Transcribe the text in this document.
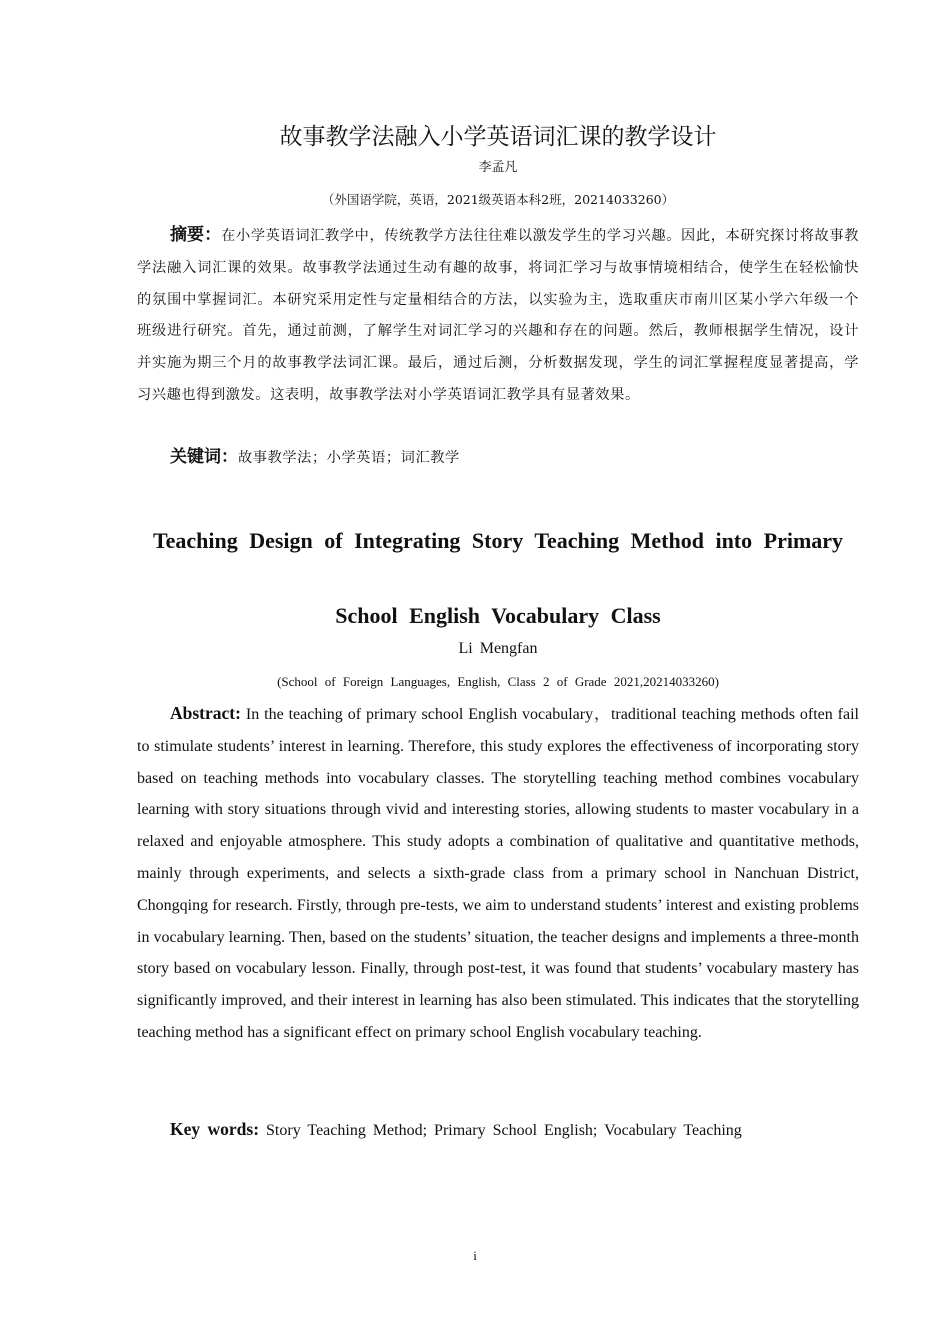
故事教学法融入小学英语词汇课的教学设计
李孟凡
（外国语学院，英语，2021级英语本科2班，20214033260）

摘要：在小学英语词汇教学中，传统教学方法往往难以激发学生的学习兴趣。因此，本研究探讨将故事教学法融入词汇课的效果。故事教学法通过生动有趣的故事，将词汇学习与故事情境相结合，使学生在轻松愉快的氛围中掌握词汇。本研究采用定性与定量相结合的方法，以实验为主，选取重庆市南川区某小学六年级一个班级进行研究。首先，通过前测，了解学生对词汇学习的兴趣和存在的问题。然后，教师根据学生情况，设计并实施为期三个月的故事教学法词汇课。最后，通过后测，分析数据发现，学生的词汇掌握程度显著提高，学习兴趣也得到激发。这表明，故事教学法对小学英语词汇教学具有显著效果。

关键词：故事教学法；小学英语；词汇教学
Teaching Design of Integrating Story Teaching Method into Primary School English Vocabulary Class
Li Mengfan
(School of Foreign Languages, English, Class 2 of Grade 2021,20214033260)

Abstract: In the teaching of primary school English vocabulary，traditional teaching methods often fail to stimulate students’ interest in learning. Therefore, this study explores the effectiveness of incorporating story based on teaching methods into vocabulary classes. The storytelling teaching method combines vocabulary learning with story situations through vivid and interesting stories, allowing students to master vocabulary in a relaxed and enjoyable atmosphere. This study adopts a combination of qualitative and quantitative methods, mainly through experiments, and selects a sixth-grade class from a primary school in Nanchuan District, Chongqing for research. Firstly, through pre-tests, we aim to understand students’ interest and existing problems in vocabulary learning. Then, based on the students’ situation, the teacher designs and implements a three-month story based on vocabulary lesson. Finally, through post-test, it was found that students’ vocabulary mastery has significantly improved, and their interest in learning has also been stimulated. This indicates that the storytelling teaching method has a significant effect on primary school English vocabulary teaching.

Key words: Story Teaching Method; Primary School English; Vocabulary Teaching
i
